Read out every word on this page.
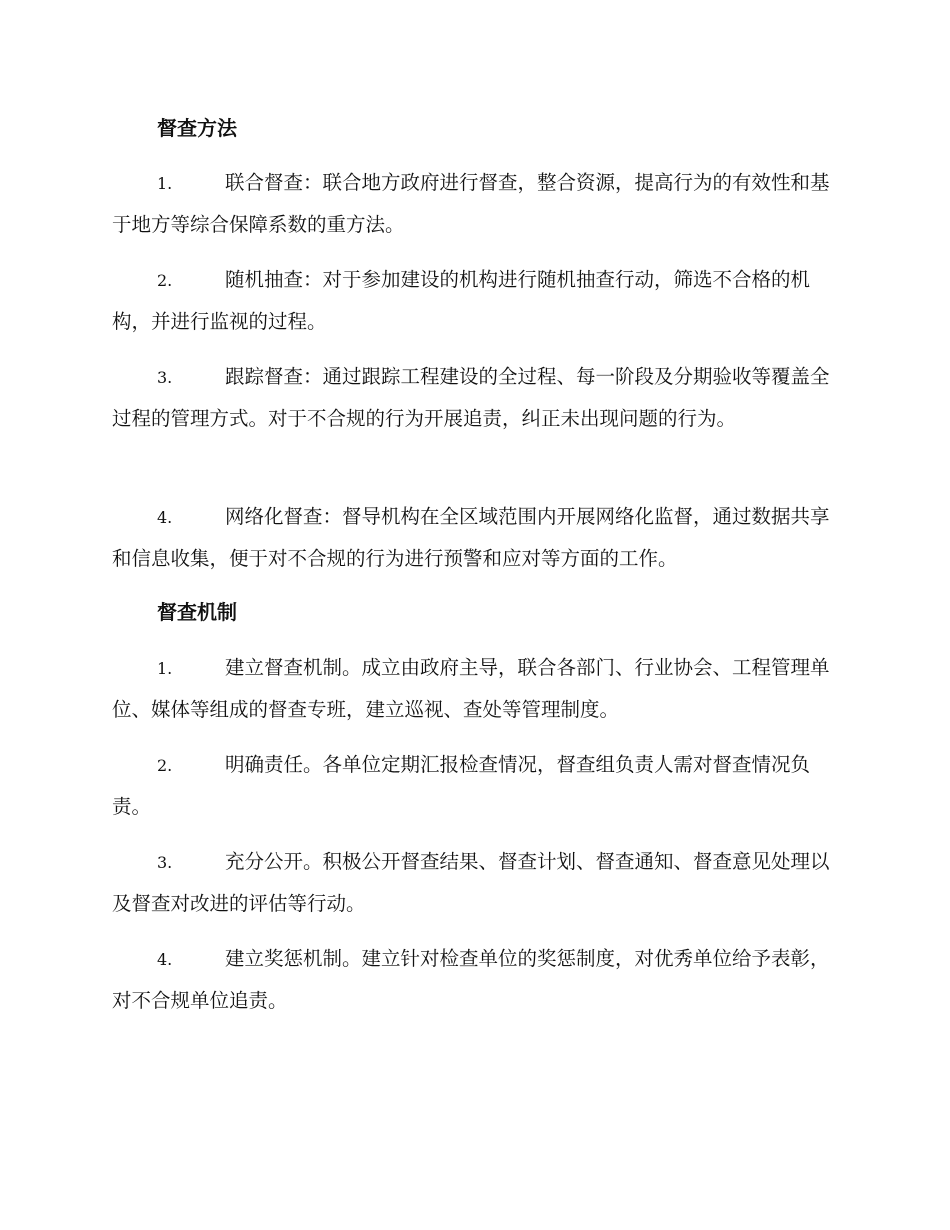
督查方法

1.	联合督查：联合地方政府进行督查，整合资源，提高行为的有效性和基于地方等综合保障系数的重方法。

2.	随机抽查：对于参加建设的机构进行随机抽查行动，筛选不合格的机构，并进行监视的过程。

3.	跟踪督查：通过跟踪工程建设的全过程、每一阶段及分期验收等覆盖全过程的管理方式。对于不合规的行为开展追责，纠正未出现问题的行为。

4.	网络化督查：督导机构在全区域范围内开展网络化监督，通过数据共享和信息收集，便于对不合规的行为进行预警和应对等方面的工作。

督查机制

1.	建立督查机制。成立由政府主导，联合各部门、行业协会、工程管理单位、媒体等组成的督查专班，建立巡视、查处等管理制度。

2.	明确责任。各单位定期汇报检查情况，督查组负责人需对督查情况负责。

3.	充分公开。积极公开督查结果、督查计划、督查通知、督查意见处理以及督查对改进的评估等行动。

4.	建立奖惩机制。建立针对检查单位的奖惩制度，对优秀单位给予表彰，对不合规单位追责。
